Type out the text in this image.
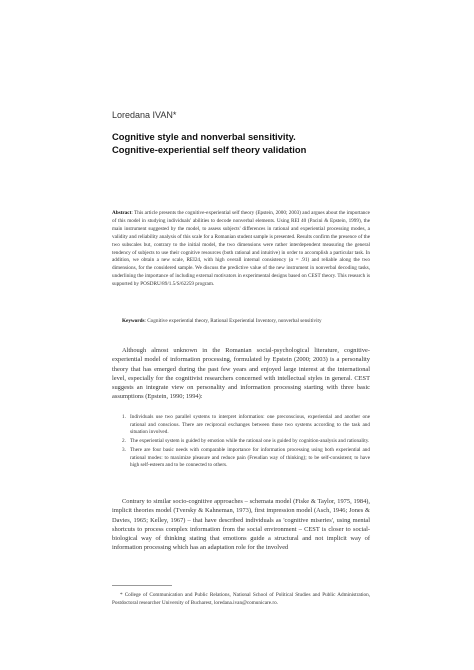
Loredana IVAN*
Cognitive style and nonverbal sensitivity.
Cognitive-experiential self theory validation
Abstract: This article presents the cognitive-experiential self theory (Epstein, 2000; 2003) and argues about the importance of this model in studying individuals' abilities to decode nonverbal elements. Using REI 40 (Pacini & Epstein, 1999), the main instrument suggested by the model, to assess subjects' differences in rational and experiential processing modes, a validity and reliability analysis of this scale for a Romanian student sample is presented. Results confirm the presence of the two subscales but, contrary to the initial model, the two dimensions were rather interdependent measuring the general tendency of subjects to use their cognitive resources (both rational and intuitive) in order to accomplish a particular task. In addition, we obtain a new scale, REI24, with high overall internal consistency (α = .91) and reliable along the two dimensions, for the considered sample. We discuss the predictive value of the new instrument in nonverbal decoding tasks, underlining the importance of including external motivators in experimental designs based on CEST theory. This research is supported by POSDRU/89/1.5/S/62259 program.
Keywords: Cognitive experiential theory, Rational Experiential Inventory, nonverbal sensitivity
Although almost unknown in the Romanian social-psychological literature, cognitive-experiential model of information processing, formulated by Epstein (2000; 2003) is a personality theory that has emerged during the past few years and enjoyed large interest at the international level, especially for the cognitivist researchers concerned with intellectual styles in general. CEST suggests an integrate view on personality and information processing starting with three basic assumptions (Epstein, 1990; 1994):
1. Individuals use two parallel systems to interpret information: one preconscious, experiential and another one rational and conscious. There are reciprocal exchanges between those two systems according to the task and situation involved.
2. The experiential system is guided by emotion while the rational one is guided by cognition-analysis and rationality.
3. There are four basic needs with comparable importance for information processing using both experiential and rational modes: to maximize pleasure and reduce pain (Freudian way of thinking); to be self-consistent; to have high self-esteem and to be connected to others.
Contrary to similar socio-cognitive approaches – schemata model (Fiske & Taylor, 1975, 1984), implicit theories model (Tversky & Kahneman, 1973), first impression model (Asch, 1946; Jones & Davies, 1965; Kelley, 1967) – that have described individuals as 'cognitive miseries', using mental shortcuts to process complex information from the social environment – CEST is closer to social-biological way of thinking stating that emotions guide a structural and not implicit way of information processing which has an adaptation role for the involved
* College of Communication and Public Relations, National School of Political Studies and Public Administration, Postdoctoral researcher University of Bucharest, loredana.ivan@comunicare.ro.
